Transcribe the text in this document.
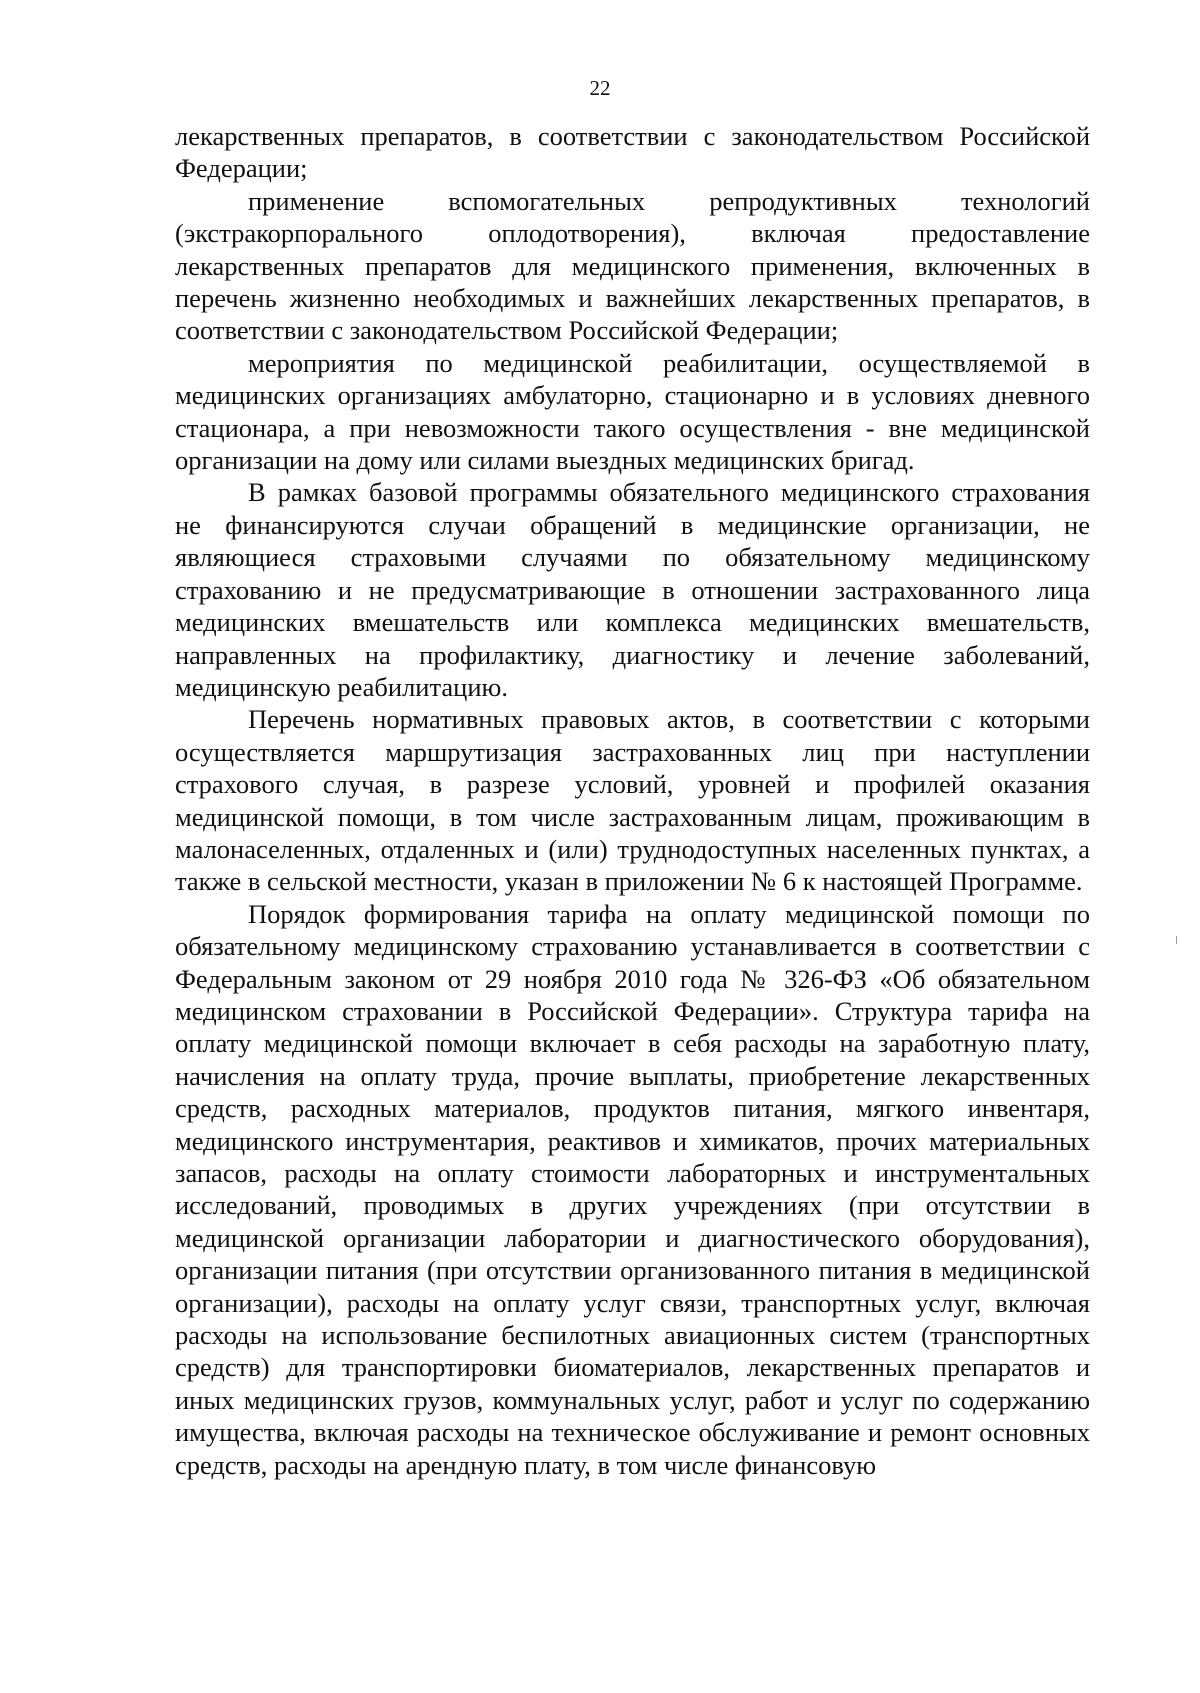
22

лекарственных препаратов, в соответствии с законодательством Российской Федерации;

применение вспомогательных репродуктивных технологий (экстракорпорального оплодотворения), включая предоставление лекарственных препаратов для медицинского применения, включенных в перечень жизненно необходимых и важнейших лекарственных препаратов, в соответствии с законодательством Российской Федерации;

мероприятия по медицинской реабилитации, осуществляемой в медицинских организациях амбулаторно, стационарно и в условиях дневного стационара, а при невозможности такого осуществления - вне медицинской организации на дому или силами выездных медицинских бригад.

В рамках базовой программы обязательного медицинского страхования не финансируются случаи обращений в медицинские организации, не являющиеся страховыми случаями по обязательному медицинскому страхованию и не предусматривающие в отношении застрахованного лица медицинских вмешательств или комплекса медицинских вмешательств, направленных на профилактику, диагностику и лечение заболеваний, медицинскую реабилитацию.

Перечень нормативных правовых актов, в соответствии с которыми осуществляется маршрутизация застрахованных лиц при наступлении страхового случая, в разрезе условий, уровней и профилей оказания медицинской помощи, в том числе застрахованным лицам, проживающим в малонаселенных, отдаленных и (или) труднодоступных населенных пунктах, а также в сельской местности, указан в приложении № 6 к настоящей Программе.

Порядок формирования тарифа на оплату медицинской помощи по обязательному медицинскому страхованию устанавливается в соответствии с Федеральным законом от 29 ноября 2010 года № 326-ФЗ «Об обязательном медицинском страховании в Российской Федерации». Структура тарифа на оплату медицинской помощи включает в себя расходы на заработную плату, начисления на оплату труда, прочие выплаты, приобретение лекарственных средств, расходных материалов, продуктов питания, мягкого инвентаря, медицинского инструментария, реактивов и химикатов, прочих материальных запасов, расходы на оплату стоимости лабораторных и инструментальных исследований, проводимых в других учреждениях (при отсутствии в медицинской организации лаборатории и диагностического оборудования), организации питания (при отсутствии организованного питания в медицинской организации), расходы на оплату услуг связи, транспортных услуг, включая расходы на использование беспилотных авиационных систем (транспортных средств) для транспортировки биоматериалов, лекарственных препаратов и иных медицинских грузов, коммунальных услуг, работ и услуг по содержанию имущества, включая расходы на техническое обслуживание и ремонт основных средств, расходы на арендную плату, в том числе финансовую
